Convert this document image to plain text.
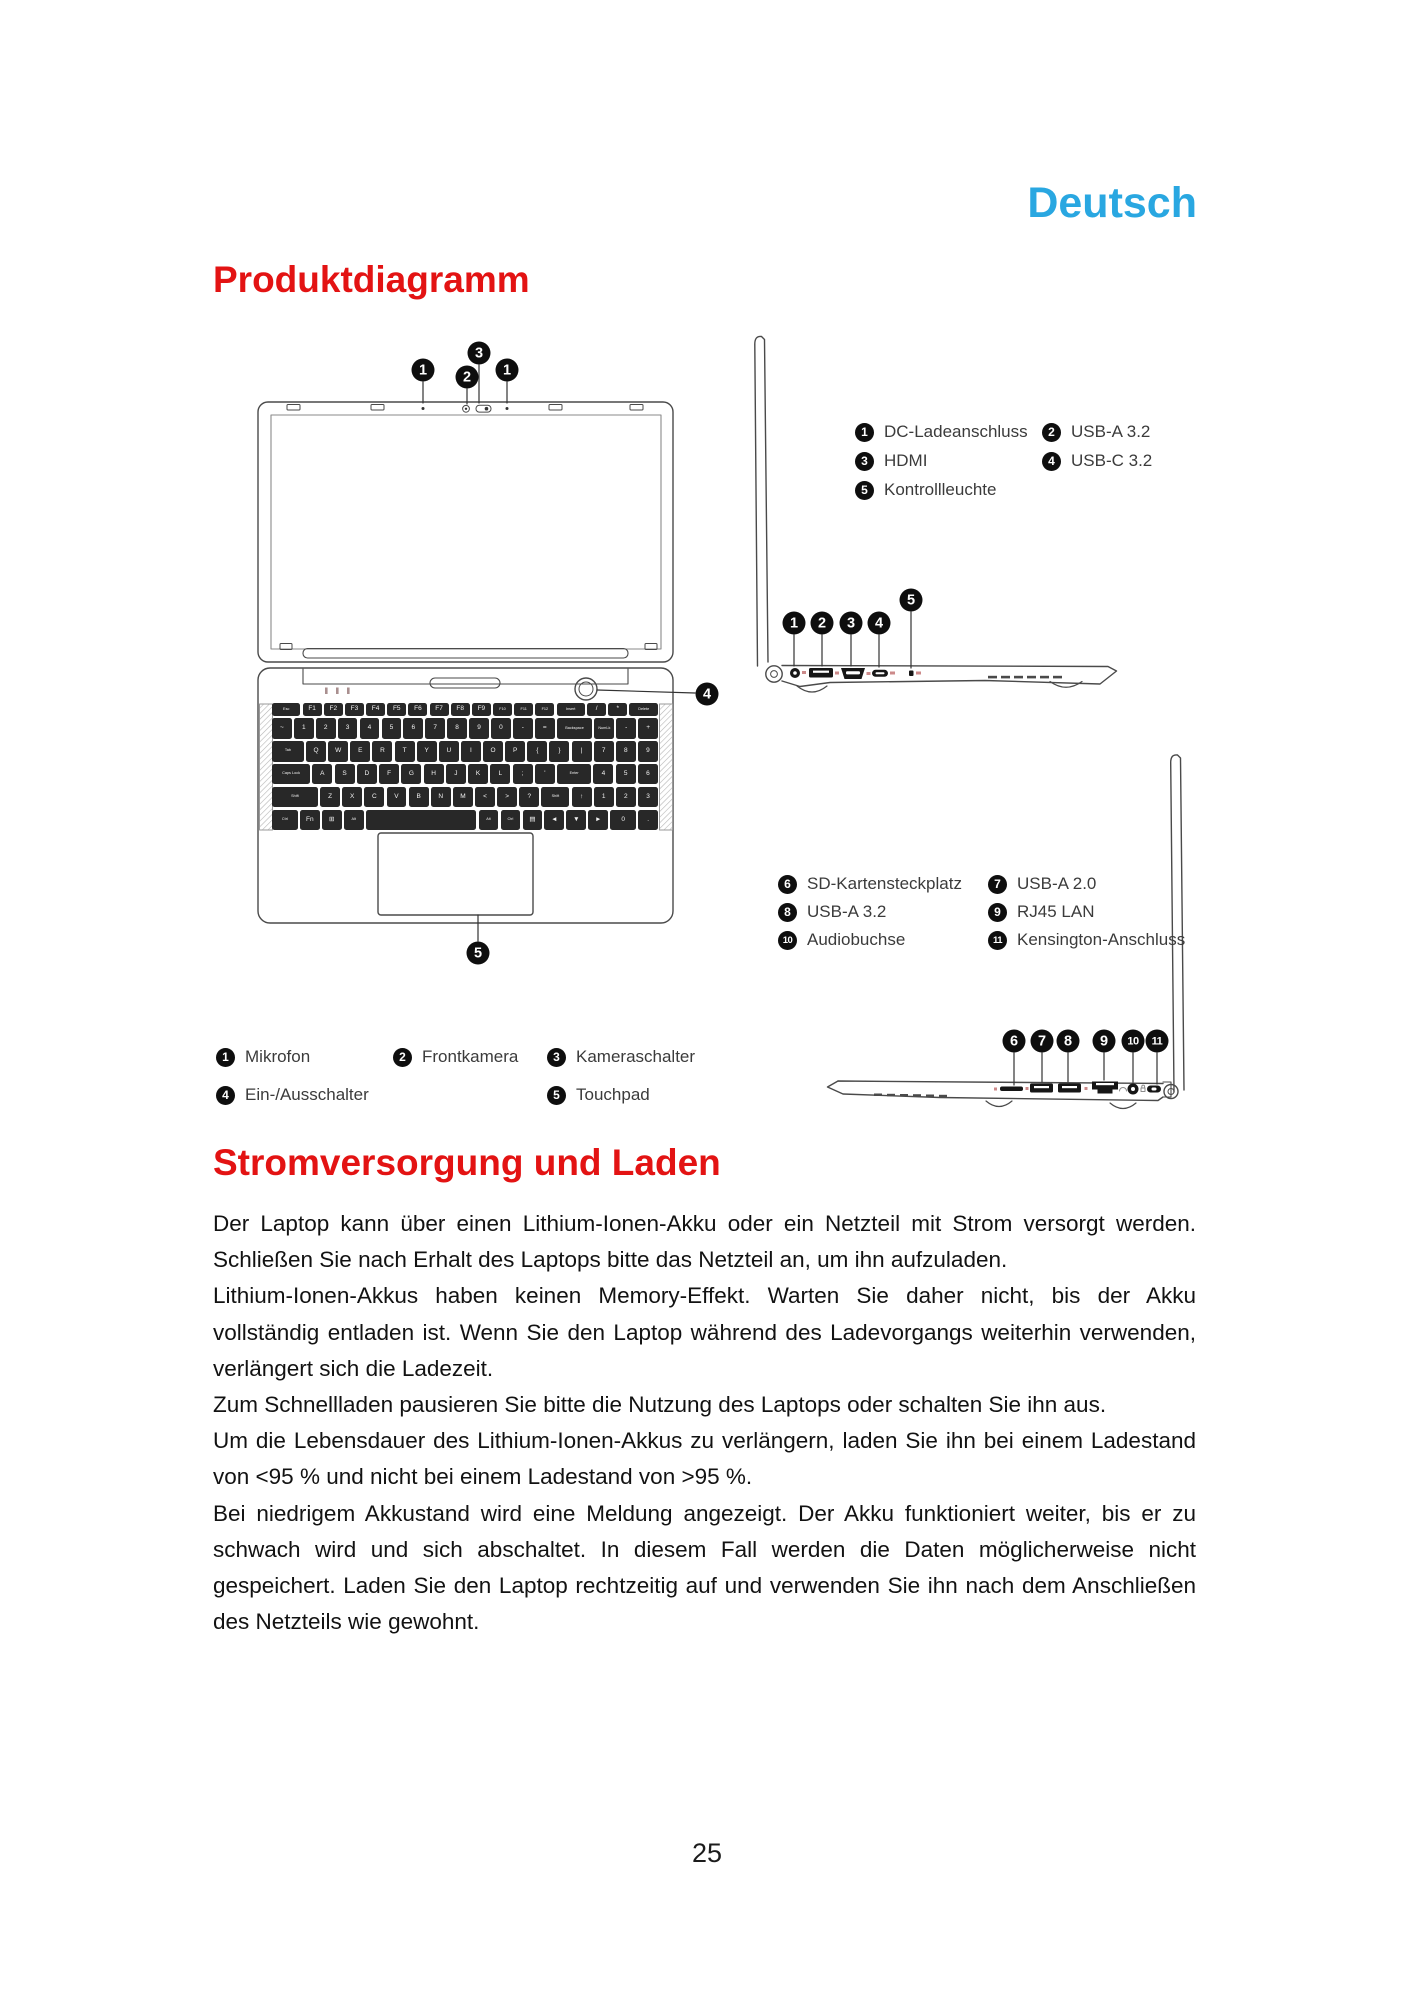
Deutsch
Produktdiagramm
Esc	F1	F2	F3	F4	F5	F6	F7	F8	F9	F10	F11	F12	Insert	/	*	Delete
~	1	2	3	4	5	6	7	8	9	0	-	=	Backspace	NumLk	-	+
Tab	Q	W	E	R	T	Y	U	I	O	P	{	}	|	7	8	9
Caps Lock	A	S	D	F	G	H	J	K	L	;	'	Enter	4	5	6
Shift	Z	X	C	V	B	N	M	<	>	?	Shift	↑	1	2	3
Ctrl	Fn	⊞	Alt	Alt	Ctrl	▤	◄	▼	►	0	.
1
3
2	1
4
5
1	2	3	4
5
6	7	8	9	10	11
1 DC-Ladeanschluss	2 USB-A 3.2
3 HDMI	4 USB-C 3.2
5 Kontrollleuchte
6 SD-Kartensteckplatz	7 USB-A 2.0
8 USB-A 3.2	9 RJ45 LAN
10 Audiobuchse	11 Kensington-Anschluss
1 Mikrofon	2 Frontkamera	3 Kameraschalter
4 Ein-/Ausschalter	5 Touchpad
Stromversorgung und Laden

Der Laptop kann über einen Lithium-Ionen-Akku oder ein Netzteil mit Strom versorgt werden. Schließen Sie nach Erhalt des Laptops bitte das Netzteil an, um ihn aufzuladen.

Lithium-Ionen-Akkus haben keinen Memory-Effekt. Warten Sie daher nicht, bis der Akku vollständig entladen ist. Wenn Sie den Laptop während des Ladevorgangs weiterhin verwenden, verlängert sich die Ladezeit.

Zum Schnellladen pausieren Sie bitte die Nutzung des Laptops oder schalten Sie ihn aus.

Um die Lebensdauer des Lithium-Ionen-Akkus zu verlängern, laden Sie ihn bei einem Ladestand von <95 % und nicht bei einem Ladestand von >95 %.

Bei niedrigem Akkustand wird eine Meldung angezeigt. Der Akku funktioniert weiter, bis er zu schwach wird und sich abschaltet. In diesem Fall werden die Daten möglicherweise nicht gespeichert. Laden Sie den Laptop rechtzeitig auf und verwenden Sie ihn nach dem Anschließen des Netzteils wie gewohnt.

25
